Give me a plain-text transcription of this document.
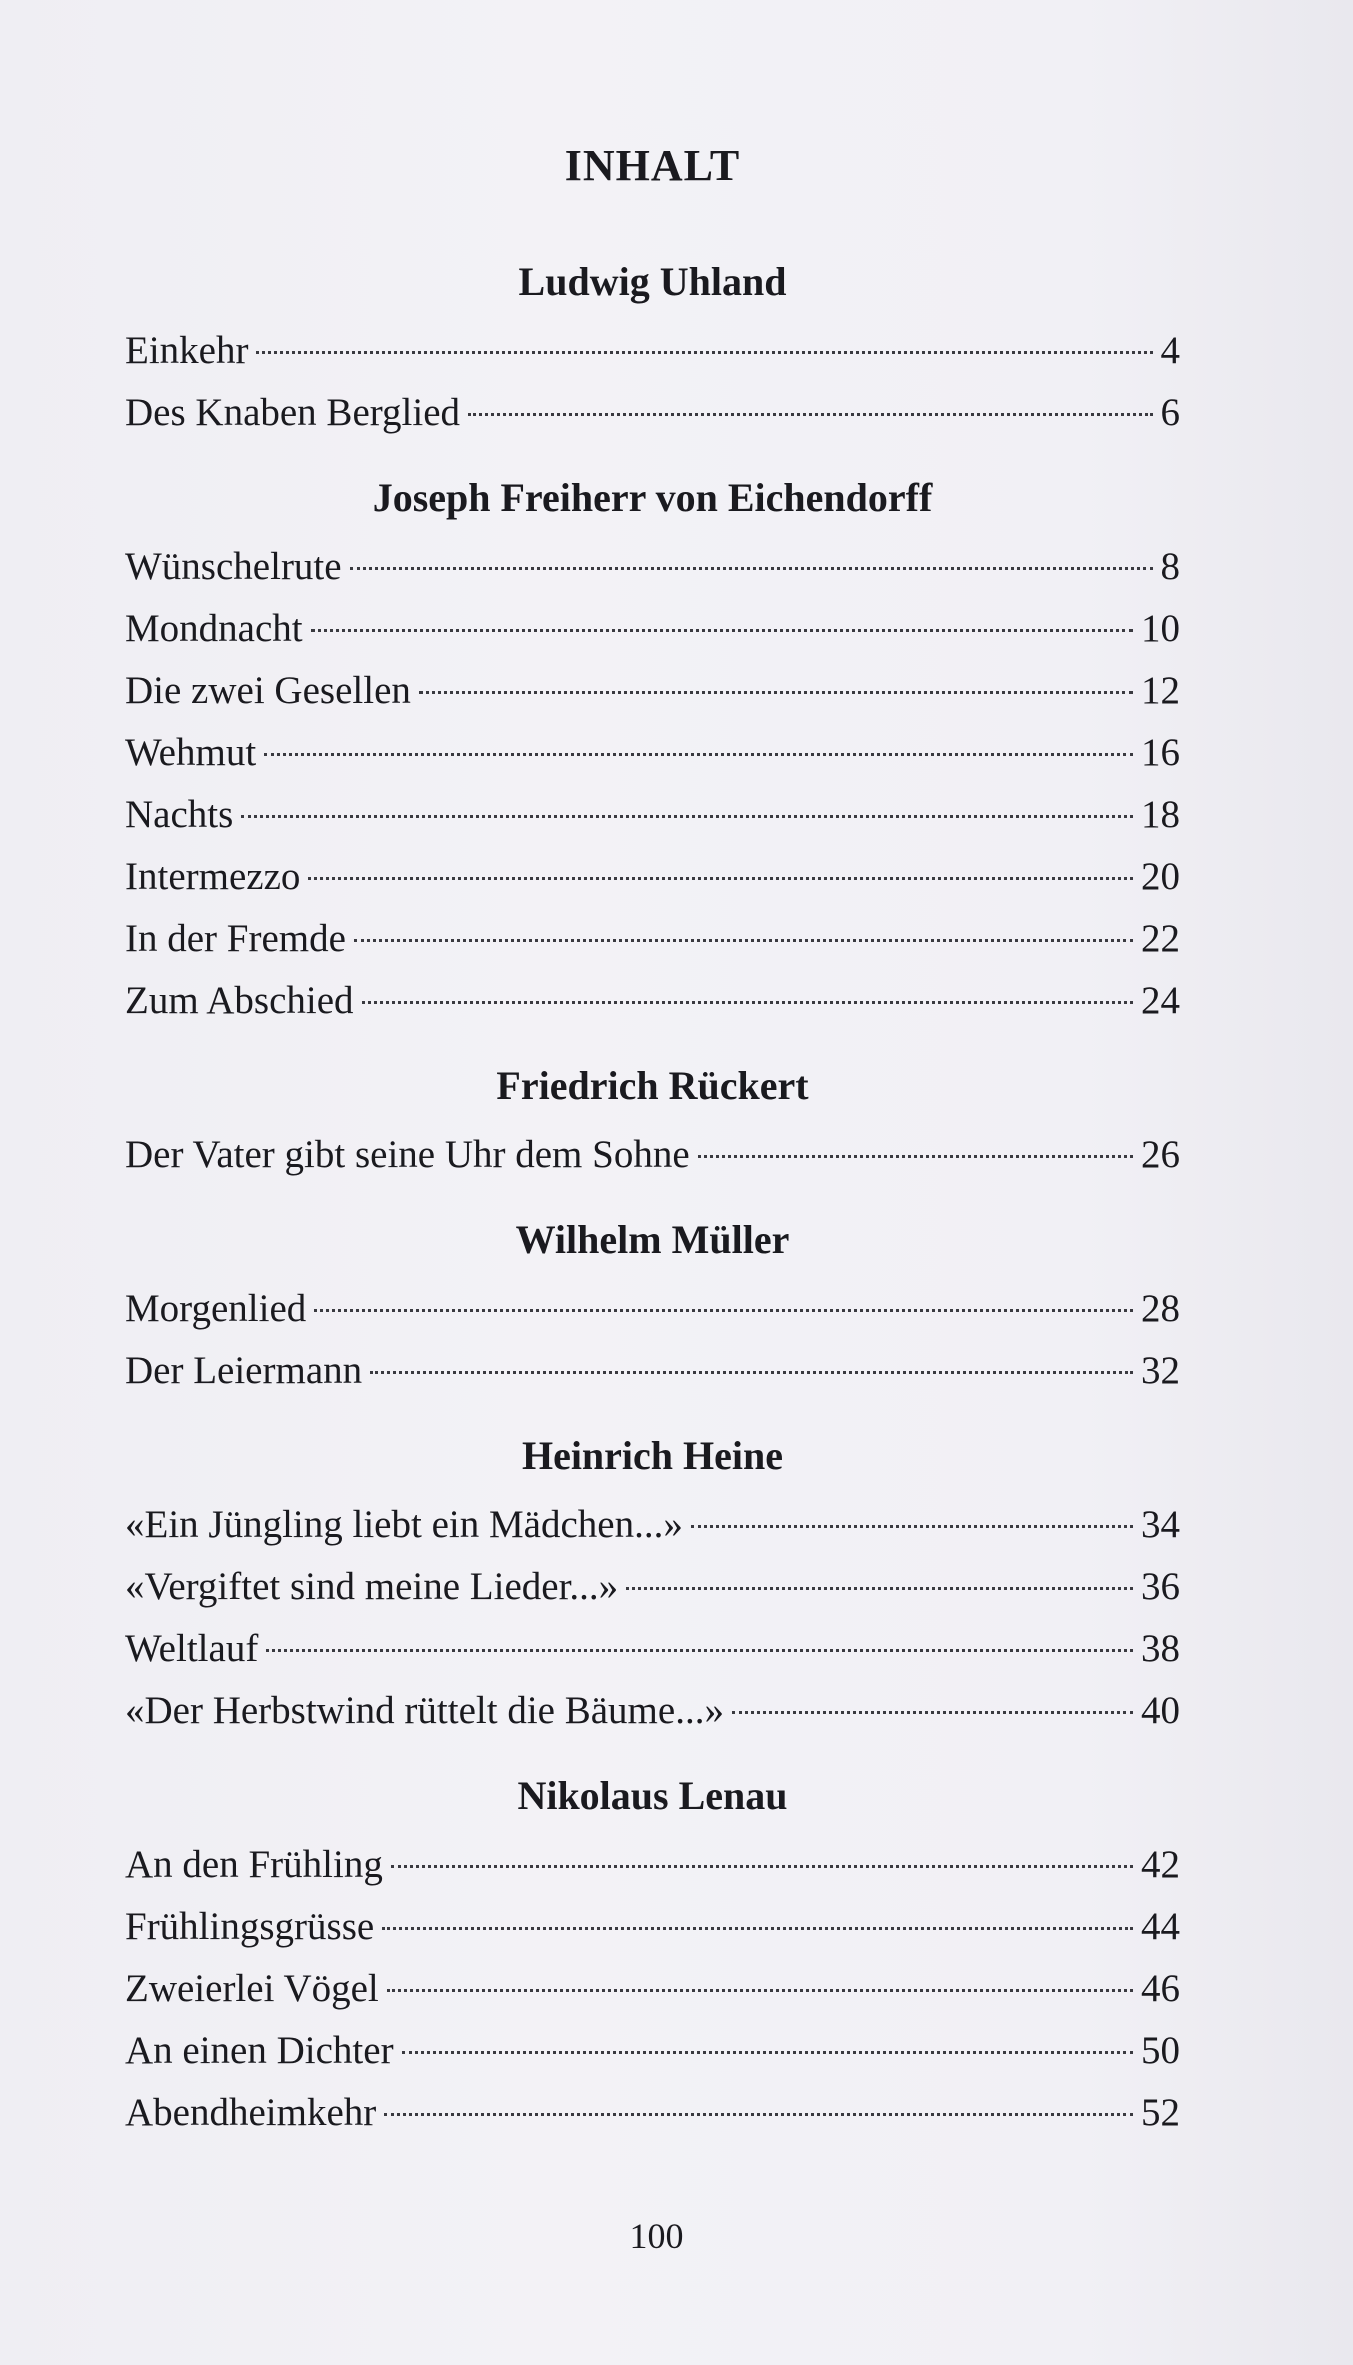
INHALT
Ludwig Uhland
Einkehr	4
Des Knaben Berglied	6
Joseph Freiherr von Eichendorff
Wünschelrute	8
Mondnacht	10
Die zwei Gesellen	12
Wehmut	16
Nachts	18
Intermezzo	20
In der Fremde	22
Zum Abschied	24
Friedrich Rückert
Der Vater gibt seine Uhr dem Sohne	26
Wilhelm Müller
Morgenlied	28
Der Leiermann	32
Heinrich Heine
«Ein Jüngling liebt ein Mädchen...»	34
«Vergiftet sind meine Lieder...»	36
Weltlauf	38
«Der Herbstwind rüttelt die Bäume...»	40
Nikolaus Lenau
An den Frühling	42
Frühlingsgrüsse	44
Zweierlei Vögel	46
An einen Dichter	50
Abendheimkehr	52
100
